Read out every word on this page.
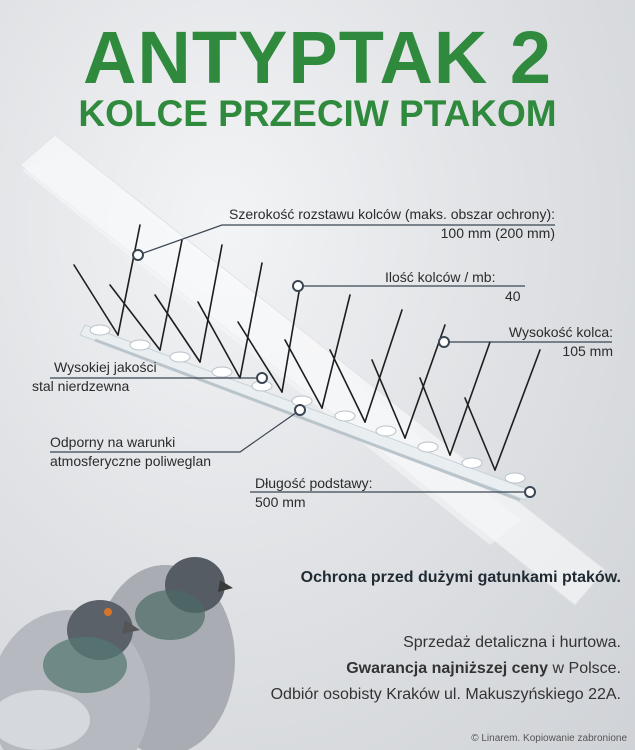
ANTYPTAK 2
KOLCE PRZECIW PTAKOM
Szerokość rozstawu kolców (maks. obszar ochrony):
100 mm (200 mm)
Ilość kolców / mb:
40
Wysokość kolca:
105 mm
Wysokiej jakości
stal nierdzewna
Odporny na warunki
atmosferyczne poliweglan
Długość podstawy:
500 mm
Ochrona przed dużymi gatunkami ptaków.
Sprzedaż detaliczna i hurtowa.
Gwarancja najniższej ceny w Polsce.
Odbiór osobisty Kraków ul. Makuszyńskiego 22A.
© Linarem. Kopiowanie zabronione
